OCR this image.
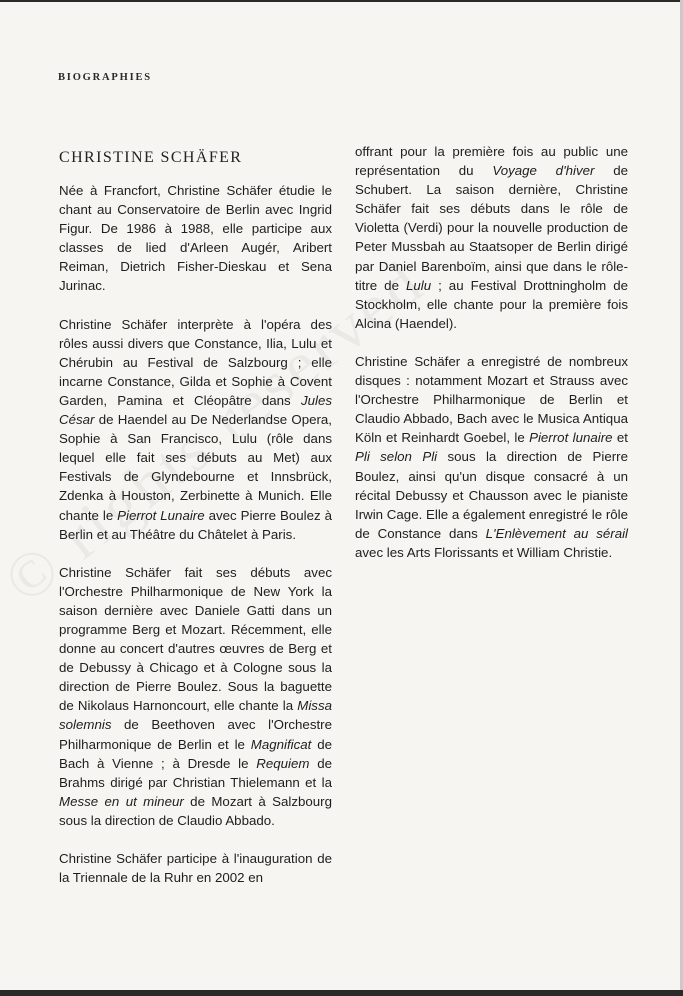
BIOGRAPHIES
CHRISTINE SCHÄFER

Née à Francfort, Christine Schäfer étudie le chant au Conservatoire de Berlin avec Ingrid Figur. De 1986 à 1988, elle participe aux classes de lied d'Arleen Augér, Aribert Reiman, Dietrich Fisher-Dieskau et Sena Jurinac.

Christine Schäfer interprète à l'opéra des rôles aussi divers que Constance, Ilia, Lulu et Chérubin au Festival de Salzbourg ; elle incarne Constance, Gilda et Sophie à Covent Garden, Pamina et Cléopâtre dans Jules César de Haendel au De Nederlandse Opera, Sophie à San Francisco, Lulu (rôle dans lequel elle fait ses débuts au Met) aux Festivals de Glyndebourne et Innsbrück, Zdenka à Houston, Zerbinette à Munich. Elle chante le Pierrot Lunaire avec Pierre Boulez à Berlin et au Théâtre du Châtelet à Paris.

Christine Schäfer fait ses débuts avec l'Orchestre Philharmonique de New York la saison dernière avec Daniele Gatti dans un programme Berg et Mozart. Récemment, elle donne au concert d'autres œuvres de Berg et de Debussy à Chicago et à Cologne sous la direction de Pierre Boulez. Sous la baguette de Nikolaus Harnoncourt, elle chante la Missa solemnis de Beethoven avec l'Orchestre Philharmonique de Berlin et le Magnificat de Bach à Vienne ; à Dresde le Requiem de Brahms dirigé par Christian Thielemann et la Messe en ut mineur de Mozart à Salzbourg sous la direction de Claudio Abbado.

Christine Schäfer participe à l'inauguration de la Triennale de la Ruhr en 2002 en

offrant pour la première fois au public une représentation du Voyage d'hiver de Schubert. La saison dernière, Christine Schäfer fait ses débuts dans le rôle de Violetta (Verdi) pour la nouvelle production de Peter Mussbah au Staatsoper de Berlin dirigé par Daniel Barenboïm, ainsi que dans le rôle-titre de Lulu ; au Festival Drottningholm de Stockholm, elle chante pour la première fois Alcina (Haendel).

Christine Schäfer a enregistré de nombreux disques : notamment Mozart et Strauss avec l'Orchestre Philharmonique de Berlin et Claudio Abbado, Bach avec le Musica Antiqua Köln et Reinhardt Goebel, le Pierrot lunaire et Pli selon Pli sous la direction de Pierre Boulez, ainsi qu'un disque consacré à un récital Debussy et Chausson avec le pianiste Irwin Cage. Elle a également enregistré le rôle de Constance dans L'Enlèvement au sérail avec les Arts Florissants et William Christie.
